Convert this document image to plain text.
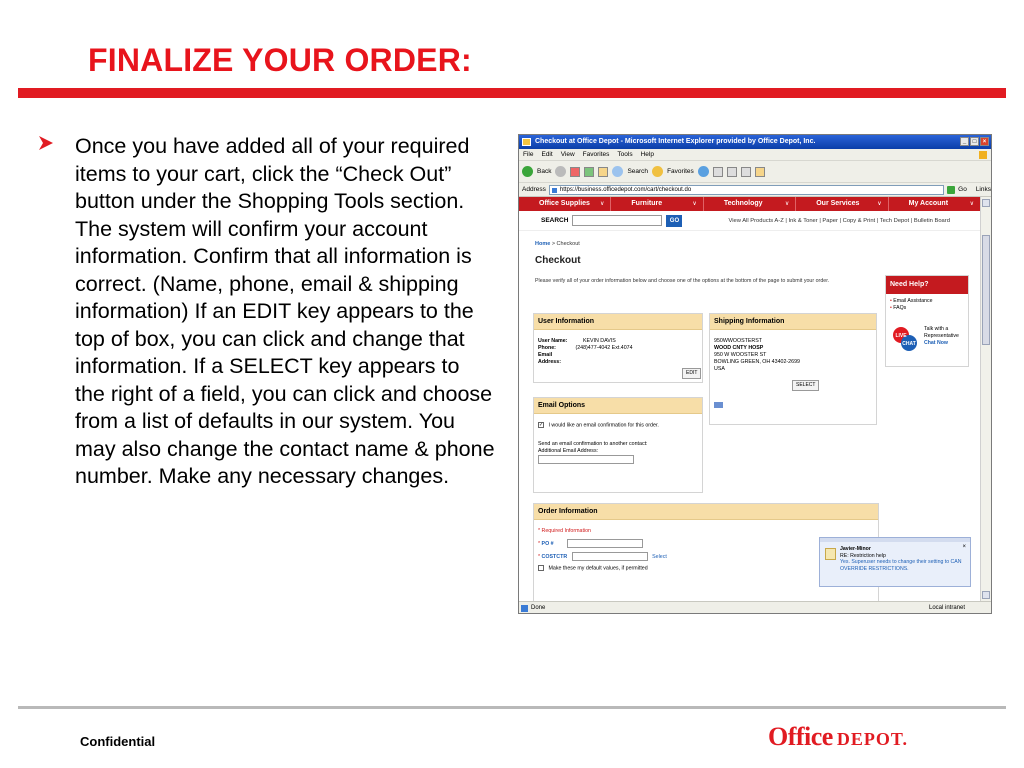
FINALIZE YOUR ORDER:
Once you have added all of your required items to your cart, click the “Check Out” button under the Shopping Tools section. The system will confirm your account information. Confirm that all information is correct. (Name, phone, email & shipping information) If an EDIT key appears to the top of box, you can click and change that information. If a SELECT key appears to the right of a field, you can click and choose from a list of defaults in our system. You may also change the contact name & phone number. Make any necessary changes.
Checkout at Office Depot - Microsoft Internet Explorer provided by Office Depot, Inc.	_	□	×
File Edit View Favorites Tools Help
Back	Search	Favorites
Address	https://business.officedepot.com/cart/checkout.do	Go Links
Office Supplies ∨	Furniture ∨	Technology ∨	Our Services ∨	My Account ∨
SEARCH	GO	View All Products A-Z | Ink & Toner | Paper | Copy & Print | Tech Depot | Bulletin Board
Home > Checkout
Checkout
Please verify all of your order information below and choose one of the options at the bottom of the page to submit your order.
User Information
User Name:	KEVIN DAVIS
Phone:	(248)477-4042 Ext.4074
Email
Address:
EDIT
Shipping Information
950WWOOSTERST
WOOD CNTY HOSP
950 W WOOSTER ST
BOWLING GREEN, OH 43402-2699
USA
SELECT
Email Options
✓ I would like an email confirmation for this order.
Send an email confirmation to another contact:
Additional Email Address:
Order Information
* Required Information
* PO #
* COSTCTR	Select
Make these my default values, if permitted
Need Help?
• Email Assistance
• FAQs
LIVE
CHAT
Talk with a Representative
Chat Now
×
Javier-Minor
RE: Restriction help
Yes. Superuser needs to change their setting to CAN OVERRIDE RESTRICTIONS.
Done	Local intranet
Confidential	Office DEPOT.
